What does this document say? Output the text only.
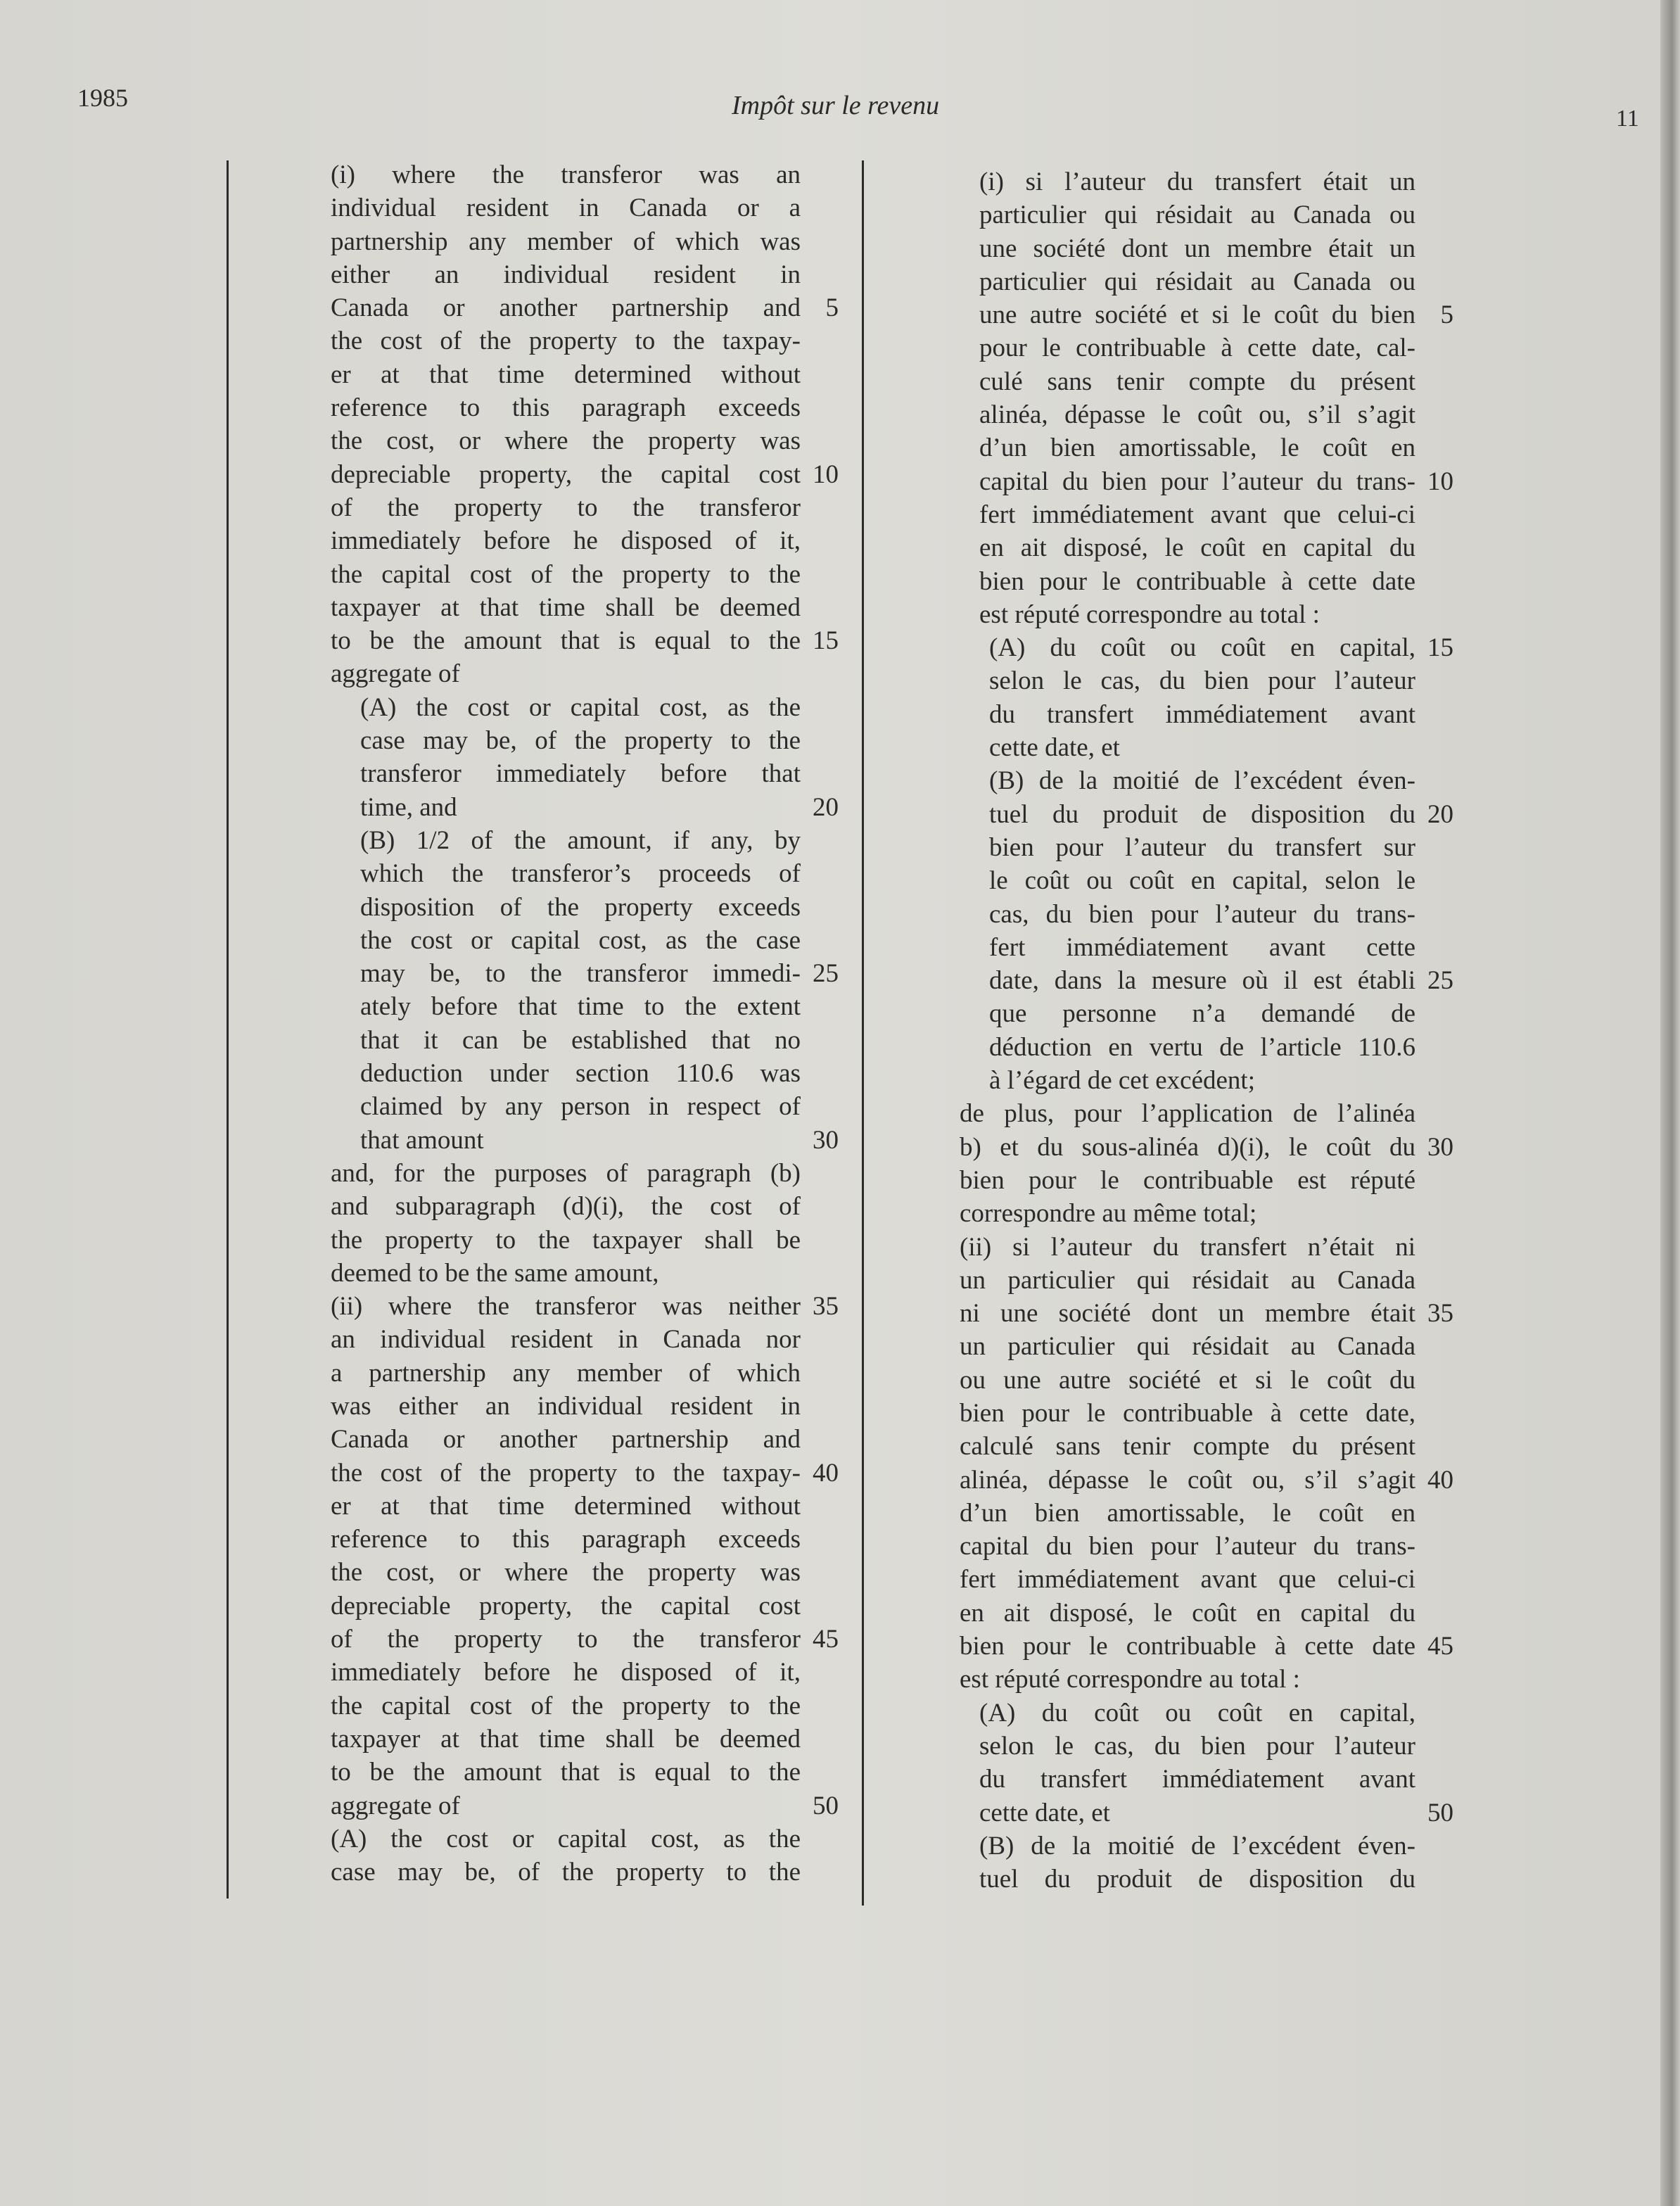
1985	Impôt sur le revenu	11
(i) where the transferor was an
individual resident in Canada or a
partnership any member of which was
either an individual resident in
Canada or another partnership and 5
the cost of the property to the taxpay-
er at that time determined without
reference to this paragraph exceeds
the cost, or where the property was
depreciable property, the capital cost 10
of the property to the transferor
immediately before he disposed of it,
the capital cost of the property to the
taxpayer at that time shall be deemed
to be the amount that is equal to the 15
aggregate of
(A) the cost or capital cost, as the
case may be, of the property to the
transferor immediately before that
time, and	20
(B) 1/2 of the amount, if any, by
which the transferor’s proceeds of
disposition of the property exceeds
the cost or capital cost, as the case
may be, to the transferor immedi- 25
ately before that time to the extent
that it can be established that no
deduction under section 110.6 was
claimed by any person in respect of
that amount	30
and, for the purposes of paragraph (b)
and subparagraph (d)(i), the cost of
the property to the taxpayer shall be
deemed to be the same amount,
(ii) where the transferor was neither 35
an individual resident in Canada nor
a partnership any member of which
was either an individual resident in
Canada or another partnership and
the cost of the property to the taxpay- 40
er at that time determined without
reference to this paragraph exceeds
the cost, or where the property was
depreciable property, the capital cost
of the property to the transferor 45
immediately before he disposed of it,
the capital cost of the property to the
taxpayer at that time shall be deemed
to be the amount that is equal to the
aggregate of	50
(A) the cost or capital cost, as the
case may be, of the property to the
(i) si l’auteur du transfert était un
particulier qui résidait au Canada ou
une société dont un membre était un
particulier qui résidait au Canada ou
une autre société et si le coût du bien 5
pour le contribuable à cette date, cal-
culé sans tenir compte du présent
alinéa, dépasse le coût ou, s’il s’agit
d’un bien amortissable, le coût en
capital du bien pour l’auteur du trans- 10
fert immédiatement avant que celui-ci
en ait disposé, le coût en capital du
bien pour le contribuable à cette date
est réputé correspondre au total :
(A) du coût ou coût en capital, 15
selon le cas, du bien pour l’auteur
du transfert immédiatement avant
cette date, et
(B) de la moitié de l’excédent éven-
tuel du produit de disposition du 20
bien pour l’auteur du transfert sur
le coût ou coût en capital, selon le
cas, du bien pour l’auteur du trans-
fert immédiatement avant cette
date, dans la mesure où il est établi 25
que personne n’a demandé de
déduction en vertu de l’article 110.6
à l’égard de cet excédent;
de plus, pour l’application de l’alinéa
b) et du sous-alinéa d)(i), le coût du 30
bien pour le contribuable est réputé
correspondre au même total;
(ii) si l’auteur du transfert n’était ni
un particulier qui résidait au Canada
ni une société dont un membre était 35
un particulier qui résidait au Canada
ou une autre société et si le coût du
bien pour le contribuable à cette date,
calculé sans tenir compte du présent
alinéa, dépasse le coût ou, s’il s’agit 40
d’un bien amortissable, le coût en
capital du bien pour l’auteur du trans-
fert immédiatement avant que celui-ci
en ait disposé, le coût en capital du
bien pour le contribuable à cette date 45
est réputé correspondre au total :
(A) du coût ou coût en capital,
selon le cas, du bien pour l’auteur
du transfert immédiatement avant
cette date, et	50
(B) de la moitié de l’excédent éven-
tuel du produit de disposition du
